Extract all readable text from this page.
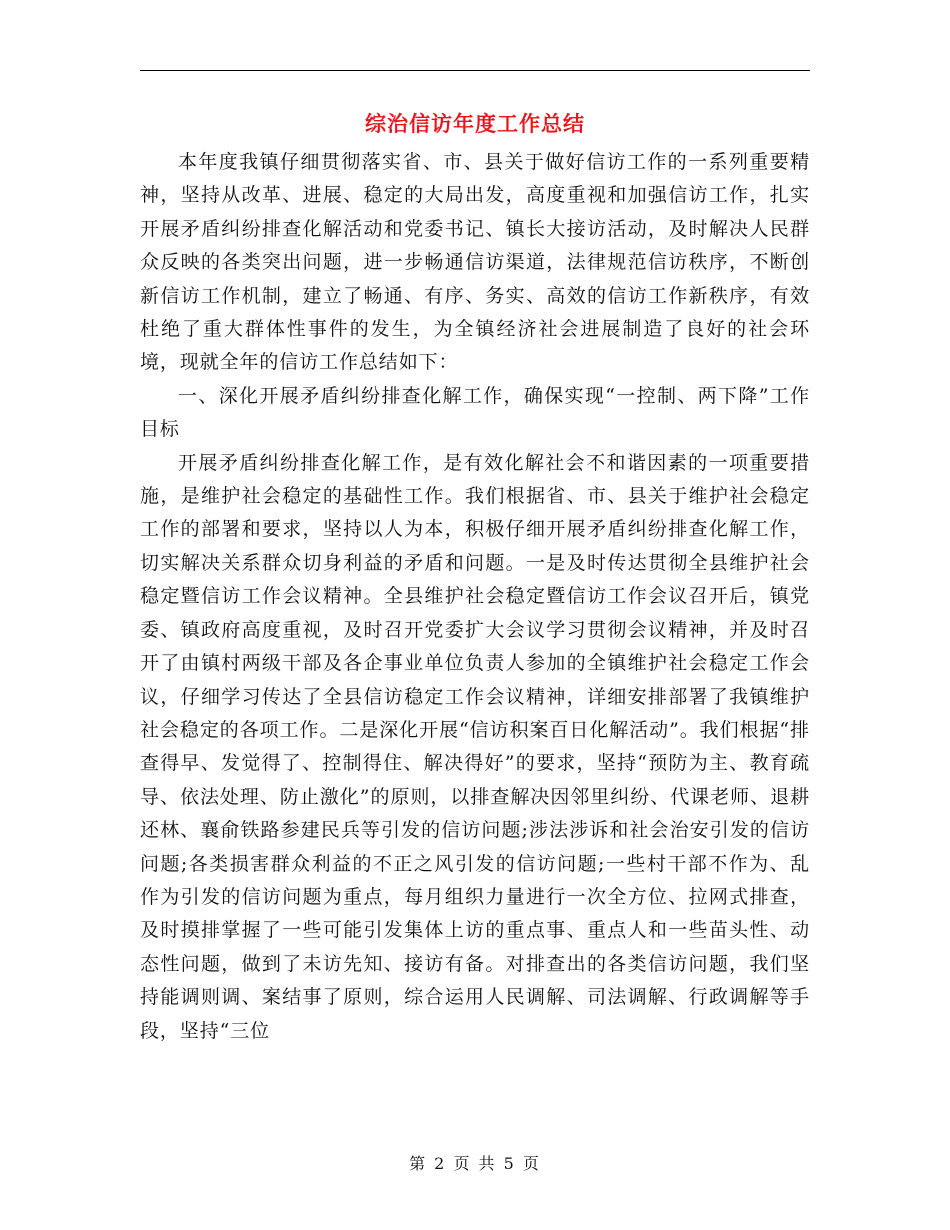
综治信访年度工作总结

本年度我镇仔细贯彻落实省、市、县关于做好信访工作的一系列重要精神，坚持从改革、进展、稳定的大局出发，高度重视和加强信访工作，扎实开展矛盾纠纷排查化解活动和党委书记、镇长大接访活动，及时解决人民群众反映的各类突出问题，进一步畅通信访渠道，法律规范信访秩序，不断创新信访工作机制，建立了畅通、有序、务实、高效的信访工作新秩序，有效杜绝了重大群体性事件的发生，为全镇经济社会进展制造了良好的社会环境，现就全年的信访工作总结如下：

一、深化开展矛盾纠纷排查化解工作，确保实现“一控制、两下降”工作目标

开展矛盾纠纷排查化解工作，是有效化解社会不和谐因素的一项重要措施，是维护社会稳定的基础性工作。我们根据省、市、县关于维护社会稳定工作的部署和要求，坚持以人为本，积极仔细开展矛盾纠纷排查化解工作，切实解决关系群众切身利益的矛盾和问题。一是及时传达贯彻全县维护社会稳定暨信访工作会议精神。全县维护社会稳定暨信访工作会议召开后，镇党委、镇政府高度重视，及时召开党委扩大会议学习贯彻会议精神，并及时召开了由镇村两级干部及各企事业单位负责人参加的全镇维护社会稳定工作会议，仔细学习传达了全县信访稳定工作会议精神，详细安排部署了我镇维护社会稳定的各项工作。二是深化开展“信访积案百日化解活动”。我们根据“排查得早、发觉得了、控制得住、解决得好”的要求，坚持“预防为主、教育疏导、依法处理、防止激化”的原则，以排查解决因邻里纠纷、代课老师、退耕还林、襄俞铁路参建民兵等引发的信访问题;涉法涉诉和社会治安引发的信访问题;各类损害群众利益的不正之风引发的信访问题;一些村干部不作为、乱作为引发的信访问题为重点，每月组织力量进行一次全方位、拉网式排查，及时摸排掌握了一些可能引发集体上访的重点事、重点人和一些苗头性、动态性问题，做到了未访先知、接访有备。对排查出的各类信访问题，我们坚持能调则调、案结事了原则，综合运用人民调解、司法调解、行政调解等手段，坚持“三位

第 2 页 共 5 页
